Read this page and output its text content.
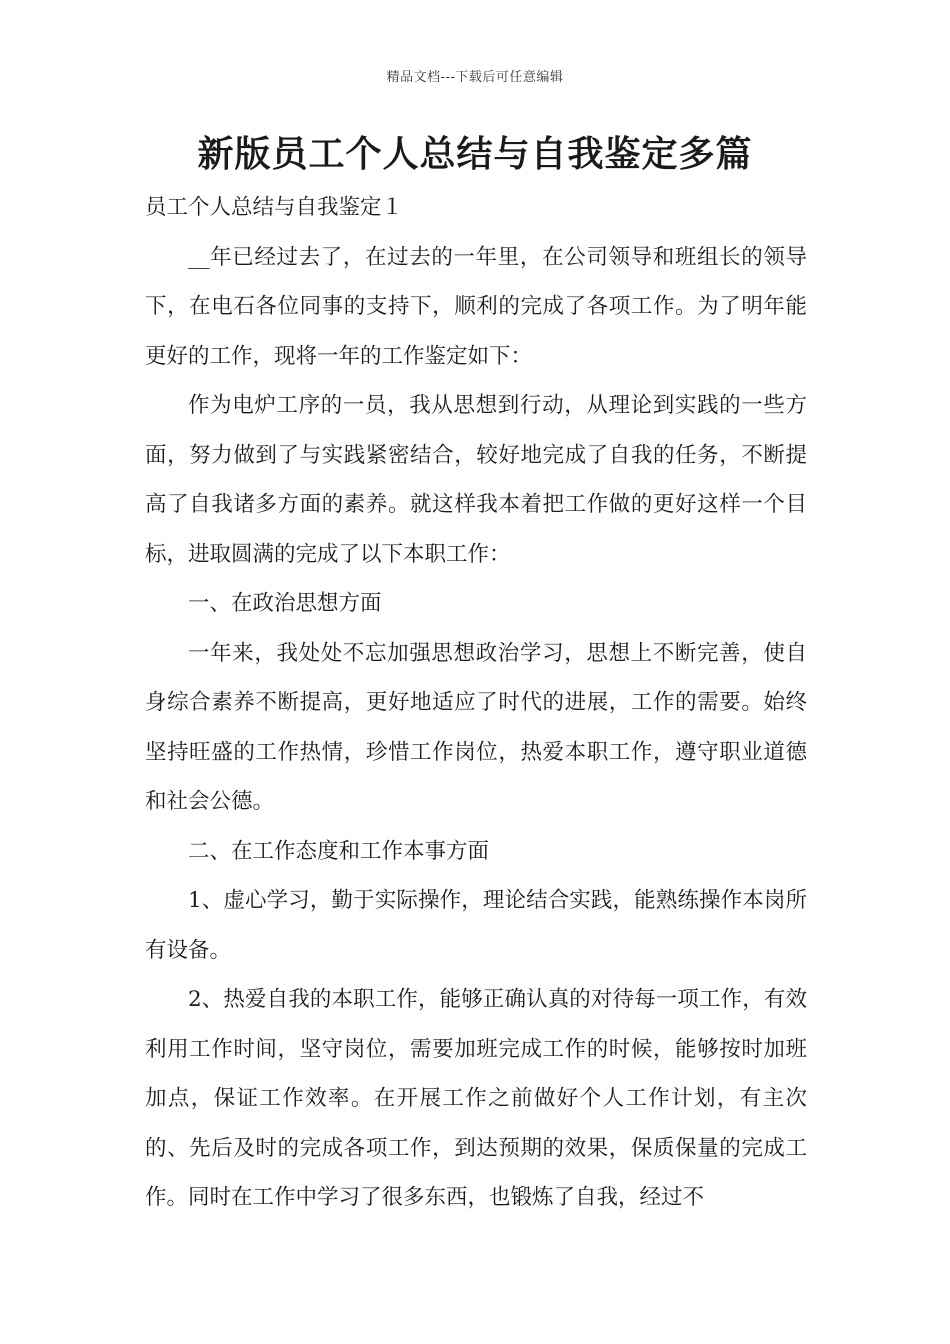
精品文档---下载后可任意编辑
新版员工个人总结与自我鉴定多篇

员工个人总结与自我鉴定１

__年已经过去了，在过去的一年里，在公司领导和班组长的领导下，在电石各位同事的支持下，顺利的完成了各项工作。为了明年能更好的工作，现将一年的工作鉴定如下：

作为电炉工序的一员，我从思想到行动，从理论到实践的一些方面，努力做到了与实践紧密结合，较好地完成了自我的任务，不断提高了自我诸多方面的素养。就这样我本着把工作做的更好这样一个目标，进取圆满的完成了以下本职工作：

一、在政治思想方面

一年来，我处处不忘加强思想政治学习，思想上不断完善，使自身综合素养不断提高，更好地适应了时代的进展，工作的需要。始终坚持旺盛的工作热情，珍惜工作岗位，热爱本职工作，遵守职业道德和社会公德。

二、在工作态度和工作本事方面

1、虚心学习，勤于实际操作，理论结合实践，能熟练操作本岗所有设备。

2、热爱自我的本职工作，能够正确认真的对待每一项工作，有效利用工作时间，坚守岗位，需要加班完成工作的时候，能够按时加班加点，保证工作效率。在开展工作之前做好个人工作计划，有主次的、先后及时的完成各项工作，到达预期的效果，保质保量的完成工作。同时在工作中学习了很多东西，也锻炼了自我，经过不
